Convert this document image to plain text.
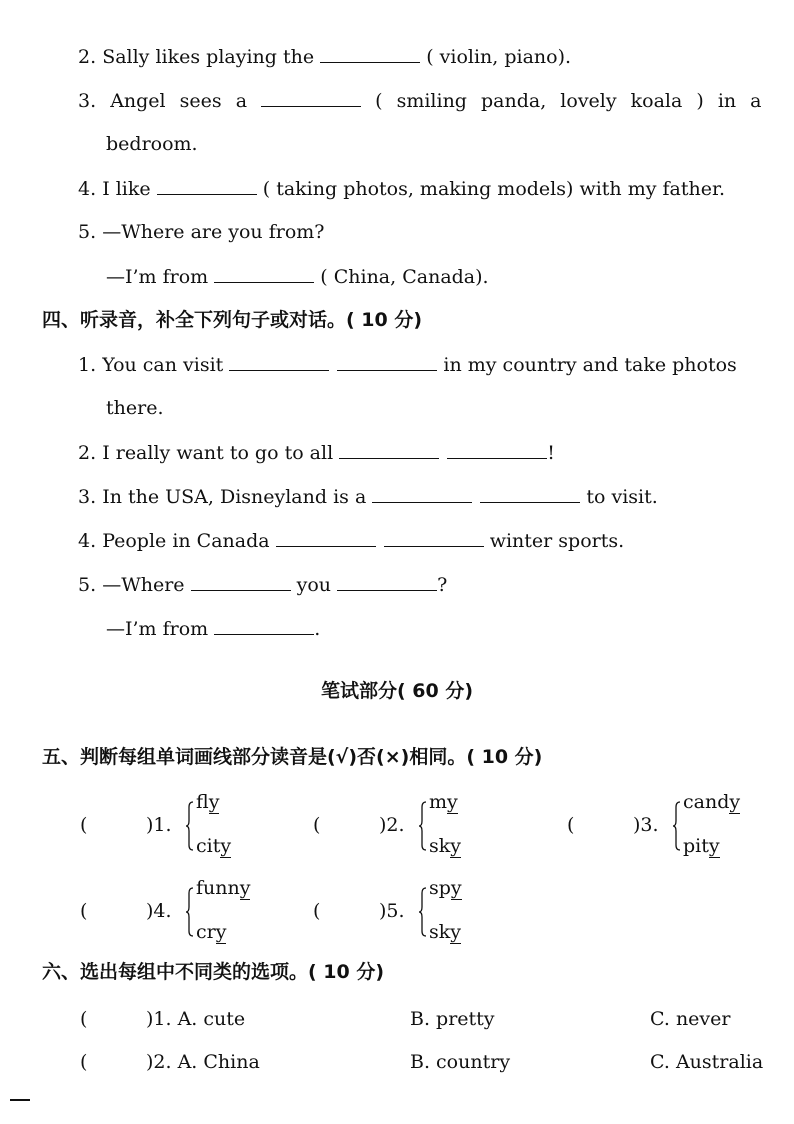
2. Sally likes playing the	( violin, piano).
3. Angel sees a	( smiling panda, lovely koala ) in a
bedroom.
4. I like	( taking photos, making models) with my father.
5. —Where are you from?
—I’m from	( China, Canada).
四、听录音，补全下列句子或对话。( 10 分)
1. You can visit	in my country and take photos
there.
2. I really want to go to all	!
3. In the USA, Disneyland is a	to visit.
4. People in Canada	winter sports.
5. —Where	you	?
—I’m from	.
笔试部分( 60 分)
五、判断每组单词画线部分读音是(√)否(×)相同。( 10 分)
(	)1.
fly
city
(	)2.
my
sky
(	)3.
candy
pity
(	)4.
funny
cry
(	)5.
spy
sky
六、选出每组中不同类的选项。( 10 分)
(	)1. A. cute	B. pretty	C. never
(	)2. A. China	B. country	C. Australia
